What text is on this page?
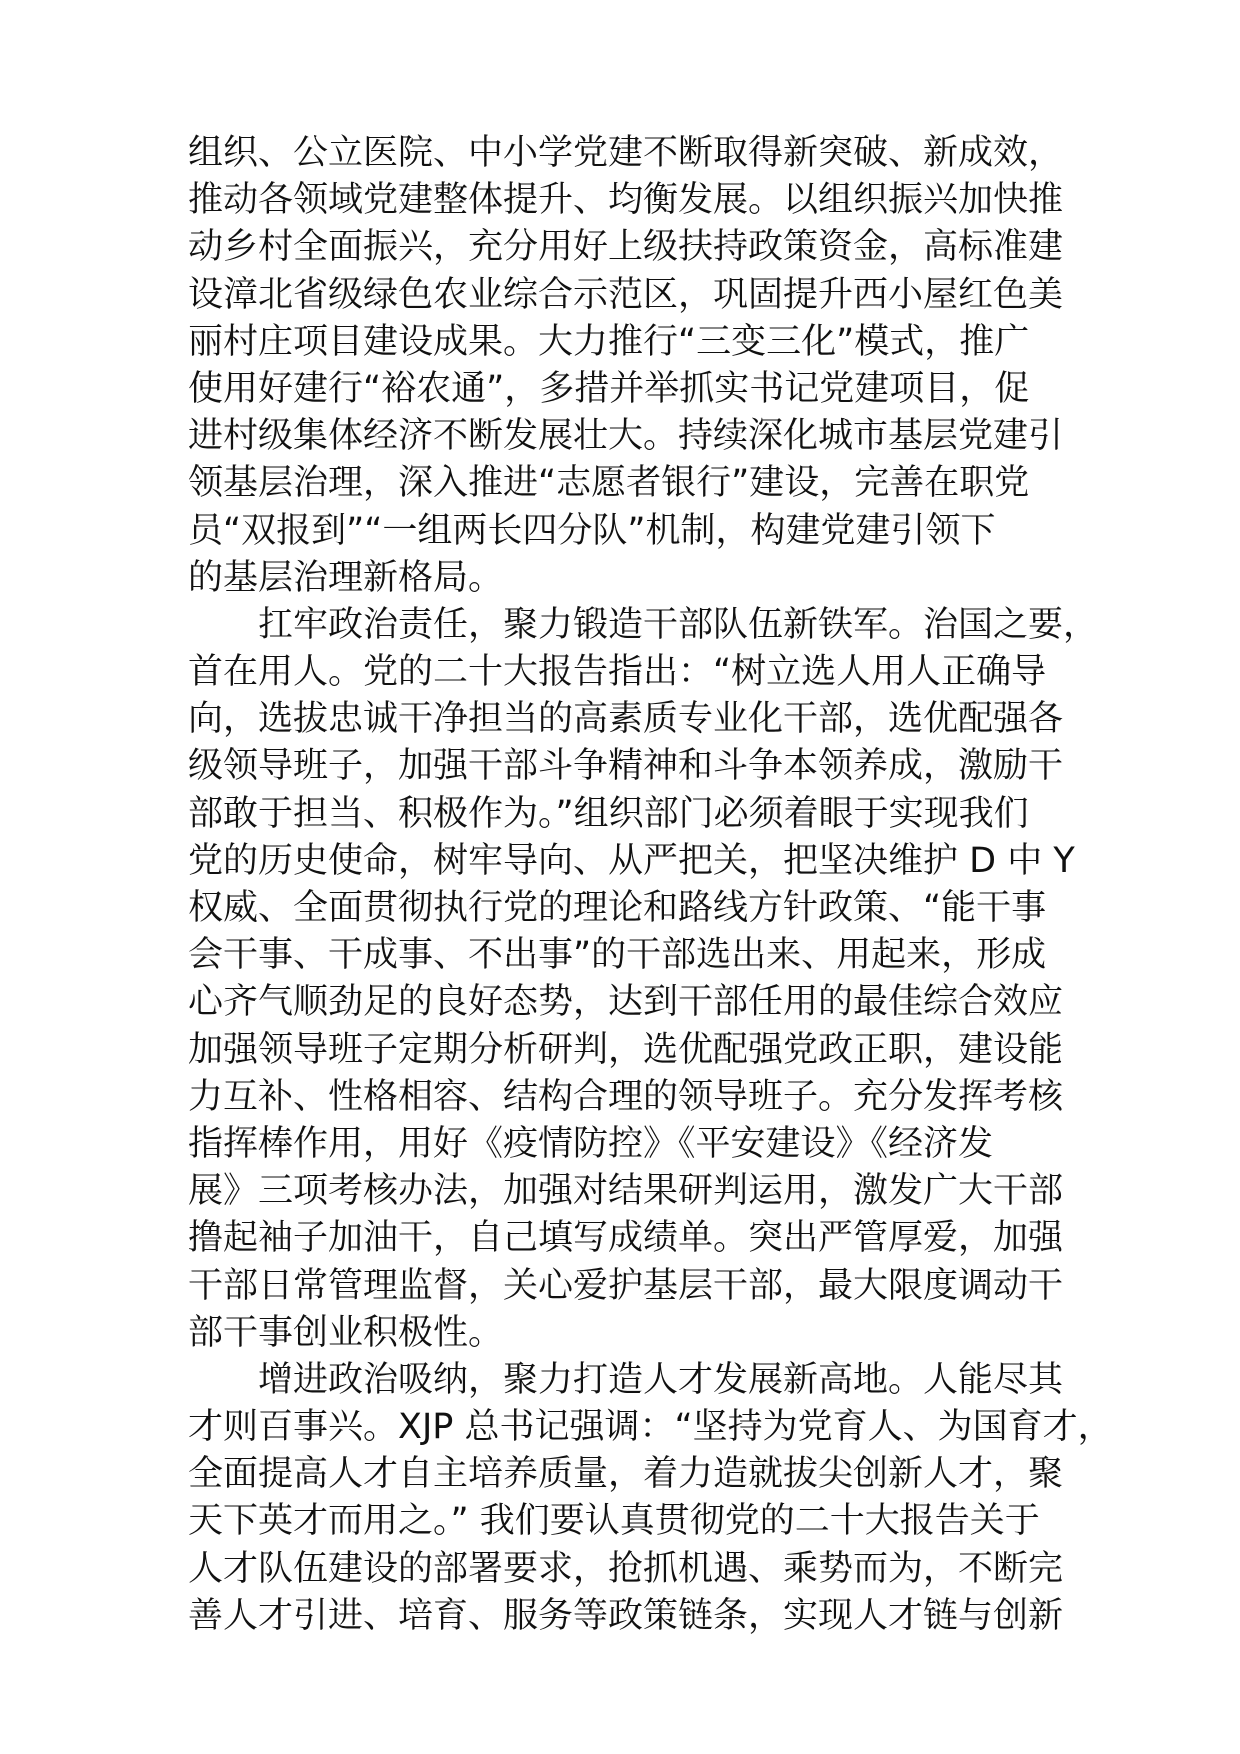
组织、公立医院、中小学党建不断取得新突破、新成效，
推动各领域党建整体提升、均衡发展。以组织振兴加快推
动乡村全面振兴，充分用好上级扶持政策资金，高标准建
设漳北省级绿色农业综合示范区，巩固提升西小屋红色美
丽村庄项目建设成果。大力推行“三变三化”模式，推广
使用好建行“裕农通”，多措并举抓实书记党建项目，促
进村级集体经济不断发展壮大。持续深化城市基层党建引
领基层治理，深入推进“志愿者银行”建设，完善在职党
员“双报到”“一组两长四分队”机制，构建党建引领下
的基层治理新格局。
　　扛牢政治责任，聚力锻造干部队伍新铁军。治国之要，
首在用人。党的二十大报告指出：“树立选人用人正确导
向，选拔忠诚干净担当的高素质专业化干部，选优配强各
级领导班子，加强干部斗争精神和斗争本领养成，激励干
部敢于担当、积极作为。”组织部门必须着眼于实现我们
党的历史使命，树牢导向、从严把关，把坚决维护 D 中 Y
权威、全面贯彻执行党的理论和路线方针政策、“能干事
会干事、干成事、不出事”的干部选出来、用起来，形成
心齐气顺劲足的良好态势，达到干部任用的最佳综合效应
加强领导班子定期分析研判，选优配强党政正职，建设能
力互补、性格相容、结构合理的领导班子。充分发挥考核
指挥棒作用，用好《疫情防控》《平安建设》《经济发
展》三项考核办法，加强对结果研判运用，激发广大干部
撸起袖子加油干，自己填写成绩单。突出严管厚爱，加强
干部日常管理监督，关心爱护基层干部，最大限度调动干
部干事创业积极性。
　　增进政治吸纳，聚力打造人才发展新高地。人能尽其
才则百事兴。XJP 总书记强调：“坚持为党育人、为国育才，
全面提高人才自主培养质量，着力造就拔尖创新人才，聚
天下英才而用之。” 我们要认真贯彻党的二十大报告关于
人才队伍建设的部署要求，抢抓机遇、乘势而为，不断完
善人才引进、培育、服务等政策链条，实现人才链与创新
